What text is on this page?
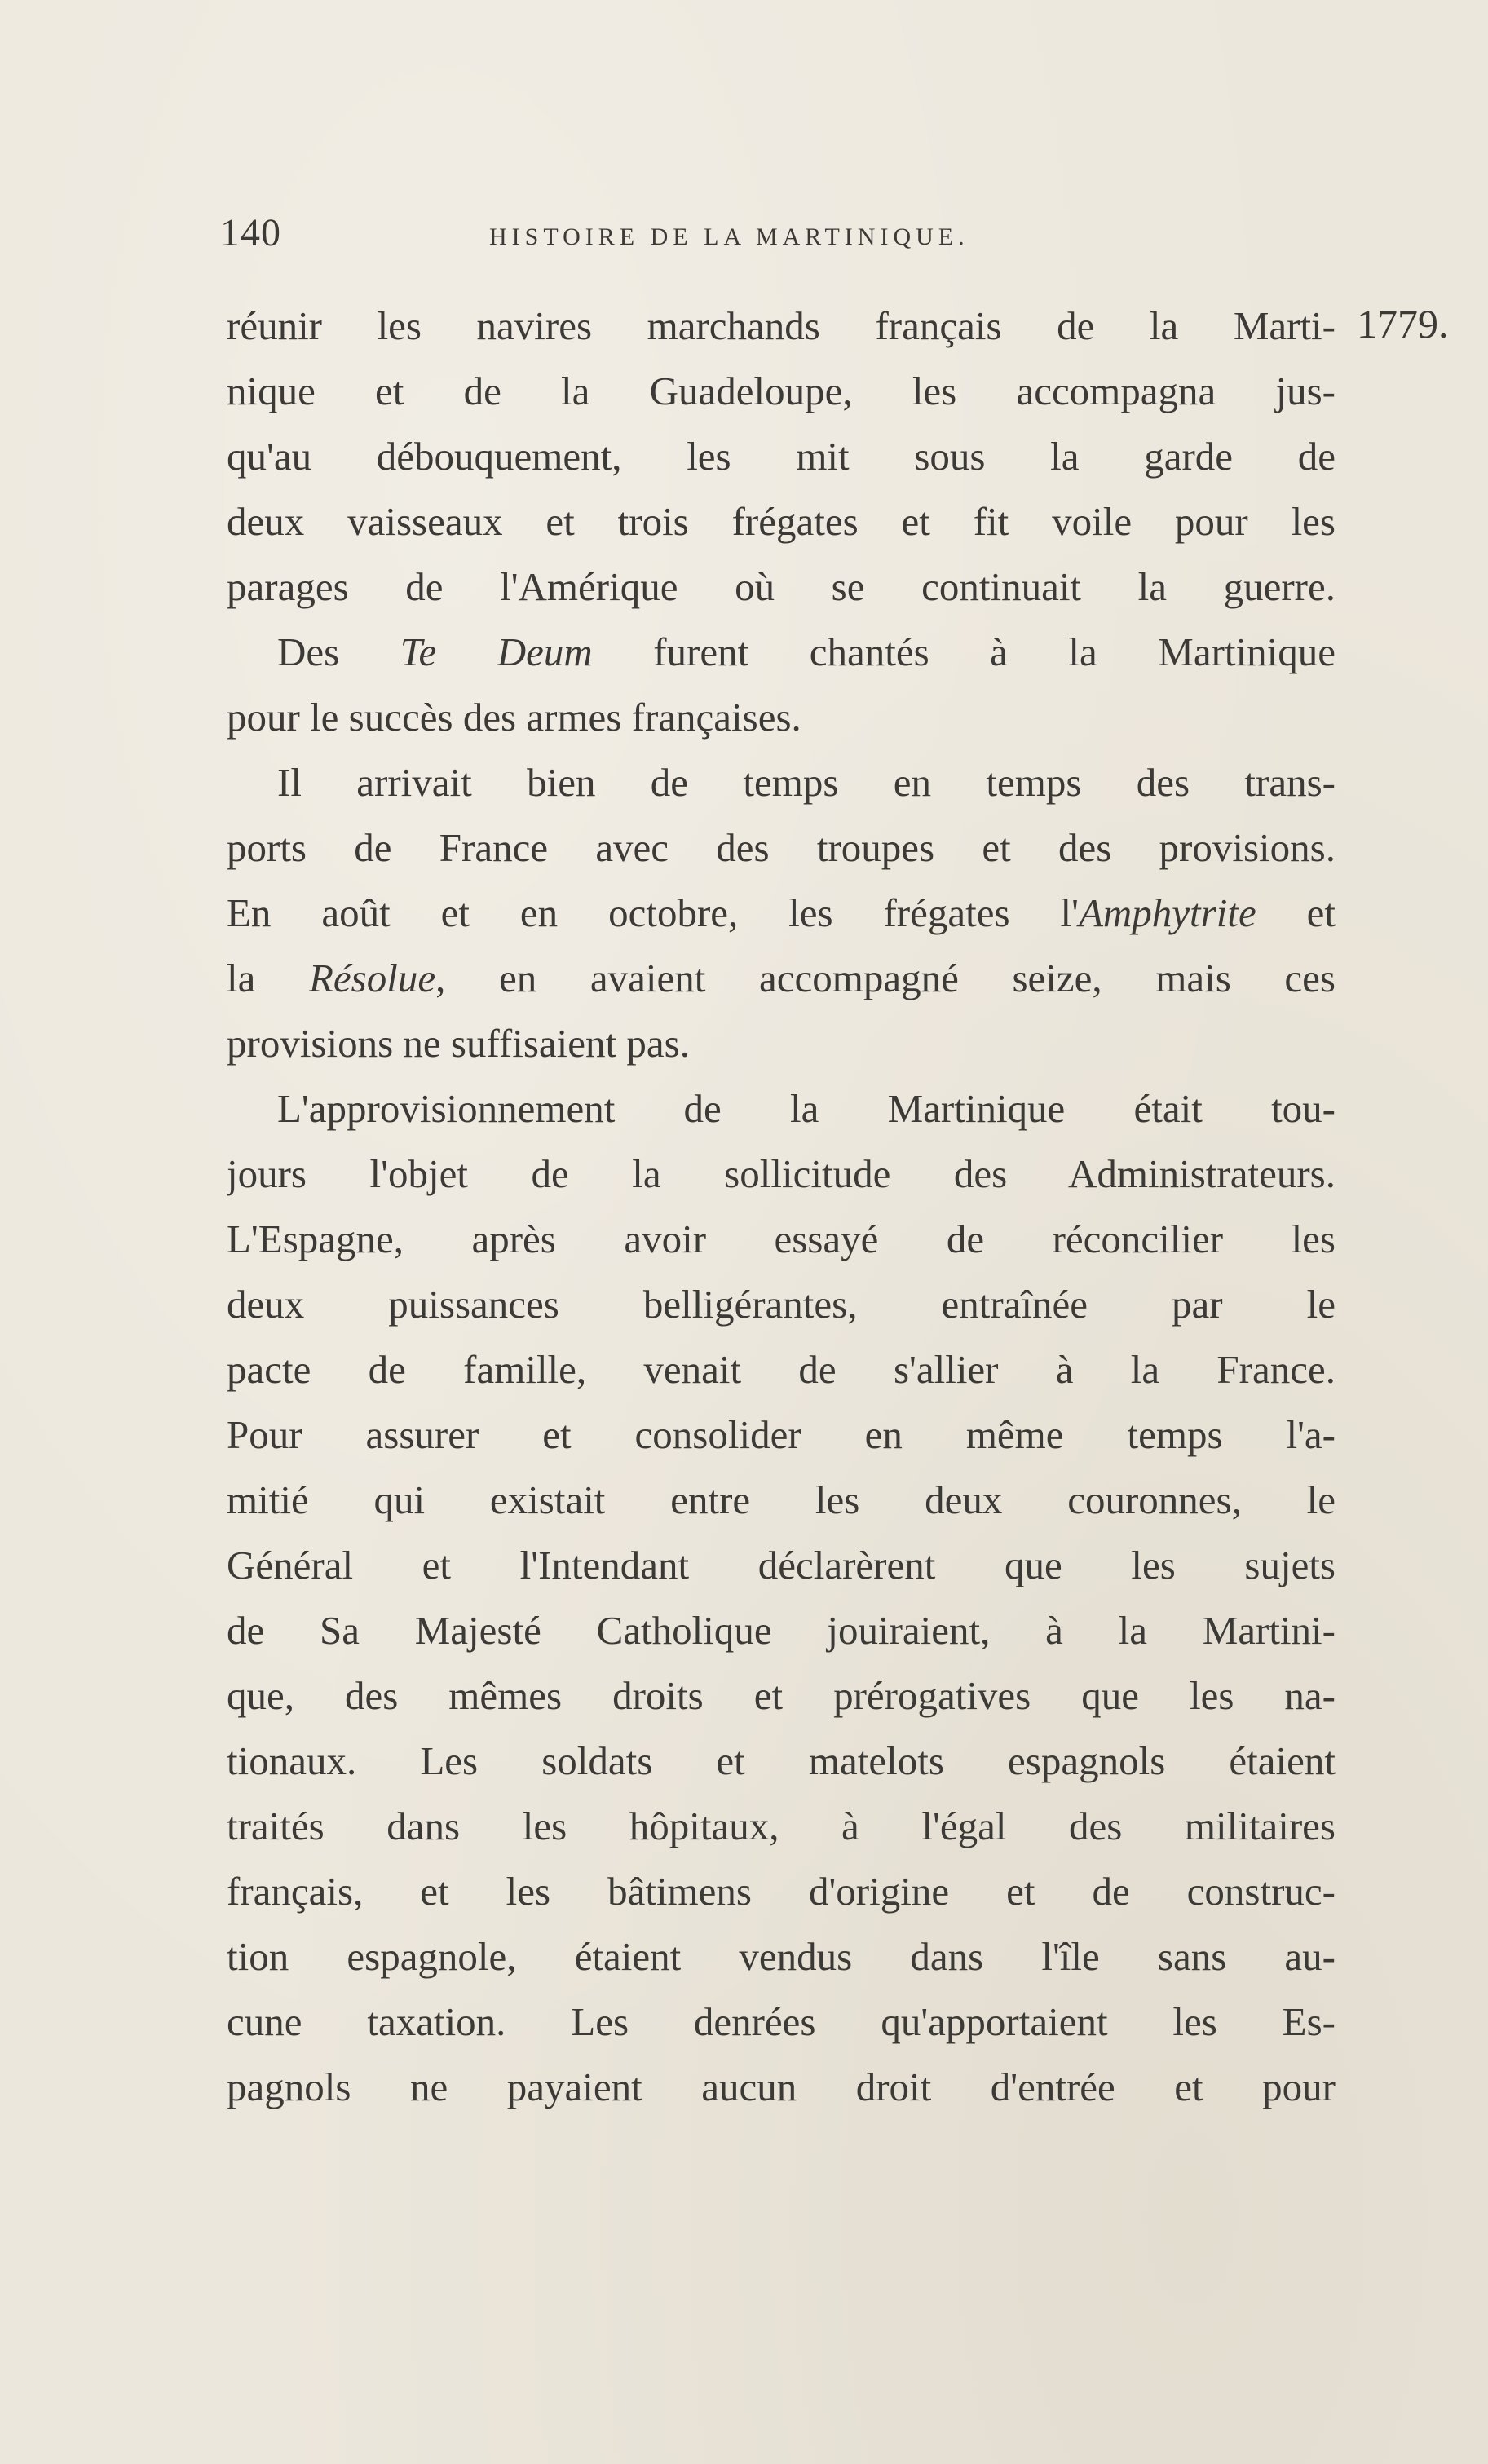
140	HISTOIRE DE LA MARTINIQUE.
1779.
réunir les navires marchands français de la Marti-
nique et de la Guadeloupe, les accompagna jus-
qu'au débouquement, les mit sous la garde de
deux vaisseaux et trois frégates et fit voile pour les
parages de l'Amérique où se continuait la guerre.
Des Te Deum furent chantés à la Martinique
pour le succès des armes françaises.
Il arrivait bien de temps en temps des trans-
ports de France avec des troupes et des provisions.
En août et en octobre, les frégates l'Amphytrite et
la Résolue, en avaient accompagné seize, mais ces
provisions ne suffisaient pas.
L'approvisionnement de la Martinique était tou-
jours l'objet de la sollicitude des Administrateurs.
L'Espagne, après avoir essayé de réconcilier les
deux puissances belligérantes, entraînée par le
pacte de famille, venait de s'allier à la France.
Pour assurer et consolider en même temps l'a-
mitié qui existait entre les deux couronnes, le
Général et l'Intendant déclarèrent que les sujets
de Sa Majesté Catholique jouiraient, à la Martini-
que, des mêmes droits et prérogatives que les na-
tionaux. Les soldats et matelots espagnols étaient
traités dans les hôpitaux, à l'égal des militaires
français, et les bâtimens d'origine et de construc-
tion espagnole, étaient vendus dans l'île sans au-
cune taxation. Les denrées qu'apportaient les Es-
pagnols ne payaient aucun droit d'entrée et pour
